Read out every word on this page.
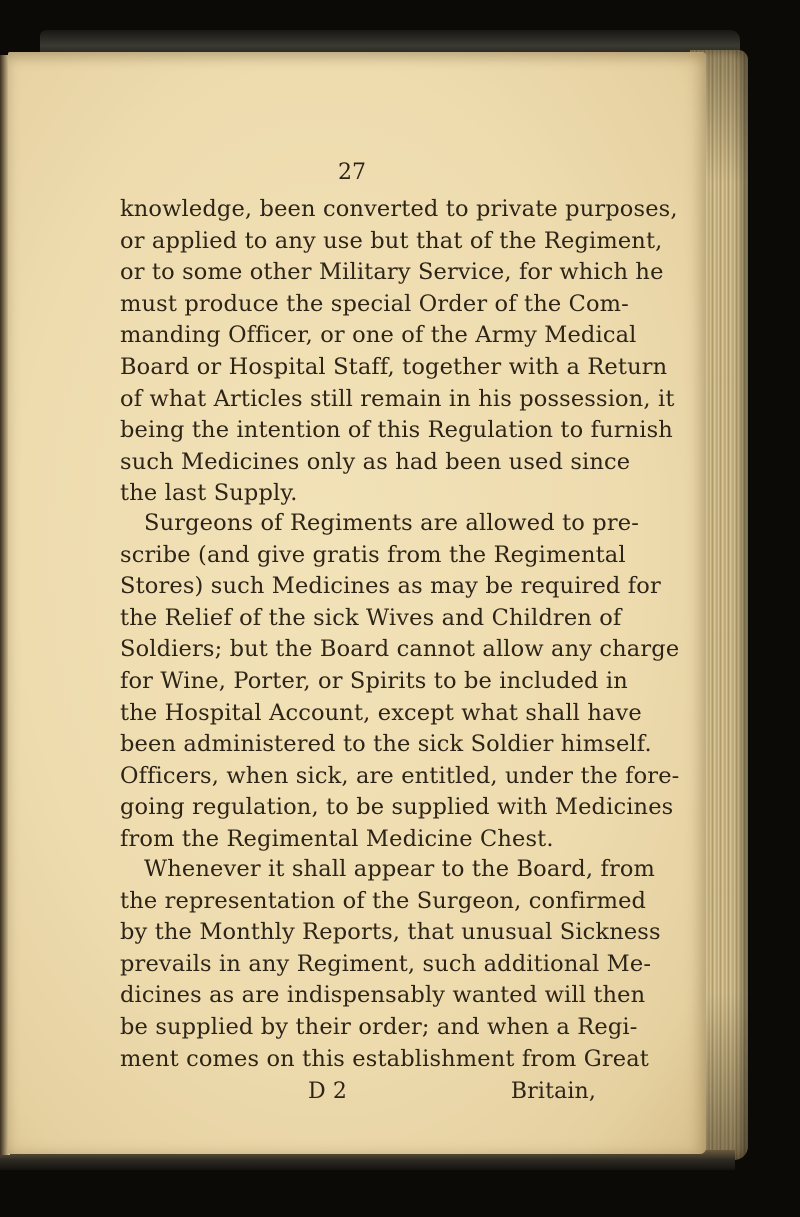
27
knowledge, been converted to private purposes,
or applied to any use but that of the Regiment,
or to some other Military Service, for which he
must produce the special Order of the Com-
manding Officer, or one of the Army Medical
Board or Hospital Staff, together with a Return
of what Articles still remain in his possession, it
being the intention of this Regulation to furnish
such Medicines only as had been used since
the last Supply.
Surgeons of Regiments are allowed to pre-
scribe (and give gratis from the Regimental
Stores) such Medicines as may be required for
the Relief of the sick Wives and Children of
Soldiers; but the Board cannot allow any charge
for Wine, Porter, or Spirits to be included in
the Hospital Account, except what shall have
been administered to the sick Soldier himself.
Officers, when sick, are entitled, under the fore-
going regulation, to be supplied with Medicines
from the Regimental Medicine Chest.
Whenever it shall appear to the Board, from
the representation of the Surgeon, confirmed
by the Monthly Reports, that unusual Sickness
prevails in any Regiment, such additional Me-
dicines as are indispensably wanted will then
be supplied by their order; and when a Regi-
ment comes on this establishment from Great
D 2	Britain,
